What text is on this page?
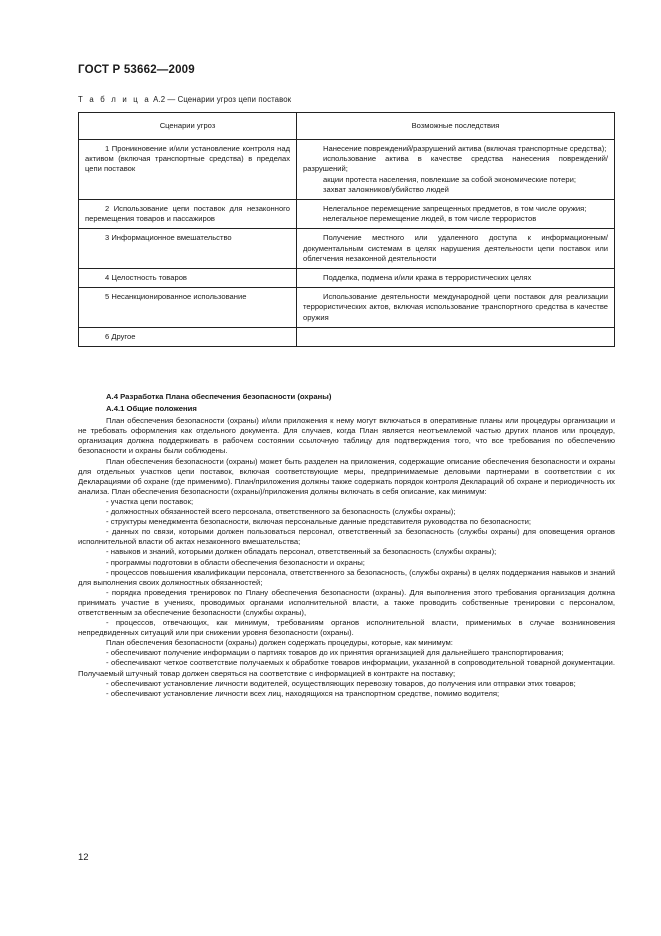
ГОСТ Р 53662—2009
Т а б л и ц а А.2 — Сценарии угроз цепи поставок
Сценарии угроз	Возможные последствия
1 Проникновение и/или установление контроля над активом (включая транспортные средства) в пределах цепи поставок	Нанесение повреждений/разрушений актива (включая транспортные средства);

использование актива в качестве средства нанесения повреждений/разрушений;

акции протеста населения, повлекшие за собой экономические потери;

захват заложников/убийство людей

2 Использование цепи поставок для незаконного перемещения товаров и пассажиров	Нелегальное перемещение запрещенных предметов, в том числе оружия;

нелегальное перемещение людей, в том числе террористов

3 Информационное вмешательство	Получение местного или удаленного доступа к информационным/документальным системам в целях нарушения деятельности цепи поставок или облегчения незаконной деятельности

4 Целостность товаров	Подделка, подмена и/или кража в террористических целях

5 Несанкционированное использование	Использование деятельности международной цепи поставок для реализации террористических актов, включая использование транспортного средства в качестве оружия

6 Другое	

А.4 Разработка Плана обеспечения безопасности (охраны)

А.4.1 Общие положения

План обеспечения безопасности (охраны) и/или приложения к нему могут включаться в оперативные планы или процедуры организации и не требовать оформления как отдельного документа. Для случаев, когда План является неотъемлемой частью других планов или процедур, организация должна поддерживать в рабочем состоянии ссылочную таблицу для подтверждения того, что все требования по обеспечению безопасности и охраны были соблюдены.

План обеспечения безопасности (охраны) может быть разделен на приложения, содержащие описание обеспечения безопасности и охраны для отдельных участков цепи поставок, включая соответствующие меры, предпринимаемые деловыми партнерами в соответствии с их Декларациями об охране (где применимо). План/приложения должны также содержать порядок контроля Деклараций об охране и периодичность их анализа. План обеспечения безопасности (охраны)/приложения должны включать в себя описание, как минимум:

- участка цепи поставок;

- должностных обязанностей всего персонала, ответственного за безопасность (службы охраны);

- структуры менеджмента безопасности, включая персональные данные представителя руководства по безопасности;

- данных по связи, которыми должен пользоваться персонал, ответственный за безопасность (службы охраны) для оповещения органов исполнительной власти об актах незаконного вмешательства;

- навыков и знаний, которыми должен обладать персонал, ответственный за безопасность (службы охраны);

- программы подготовки в области обеспечения безопасности и охраны;

- процессов повышения квалификации персонала, ответственного за безопасность, (службы охраны) в целях поддержания навыков и знаний для выполнения своих должностных обязанностей;

- порядка проведения тренировок по Плану обеспечения безопасности (охраны). Для выполнения этого требования организация должна принимать участие в учениях, проводимых органами исполнительной власти, а также проводить собственные тренировки с персоналом, ответственным за обеспечение безопасности (службы охраны),

- процессов, отвечающих, как минимум, требованиям органов исполнительной власти, применимых в случае возникновения непредвиденных ситуаций или при снижении уровня безопасности (охраны).

План обеспечения безопасности (охраны) должен содержать процедуры, которые, как минимум:

- обеспечивают получение информации о партиях товаров до их принятия организацией для дальнейшего транспортирования;

- обеспечивают четкое соответствие получаемых к обработке товаров информации, указанной в сопроводительной товарной документации. Получаемый штучный товар должен сверяться на соответствие с информацией в контракте на поставку;

- обеспечивают установление личности водителей, осуществляющих перевозку товаров, до получения или отправки этих товаров;

- обеспечивают установление личности всех лиц, находящихся на транспортном средстве, помимо водителя;

12
